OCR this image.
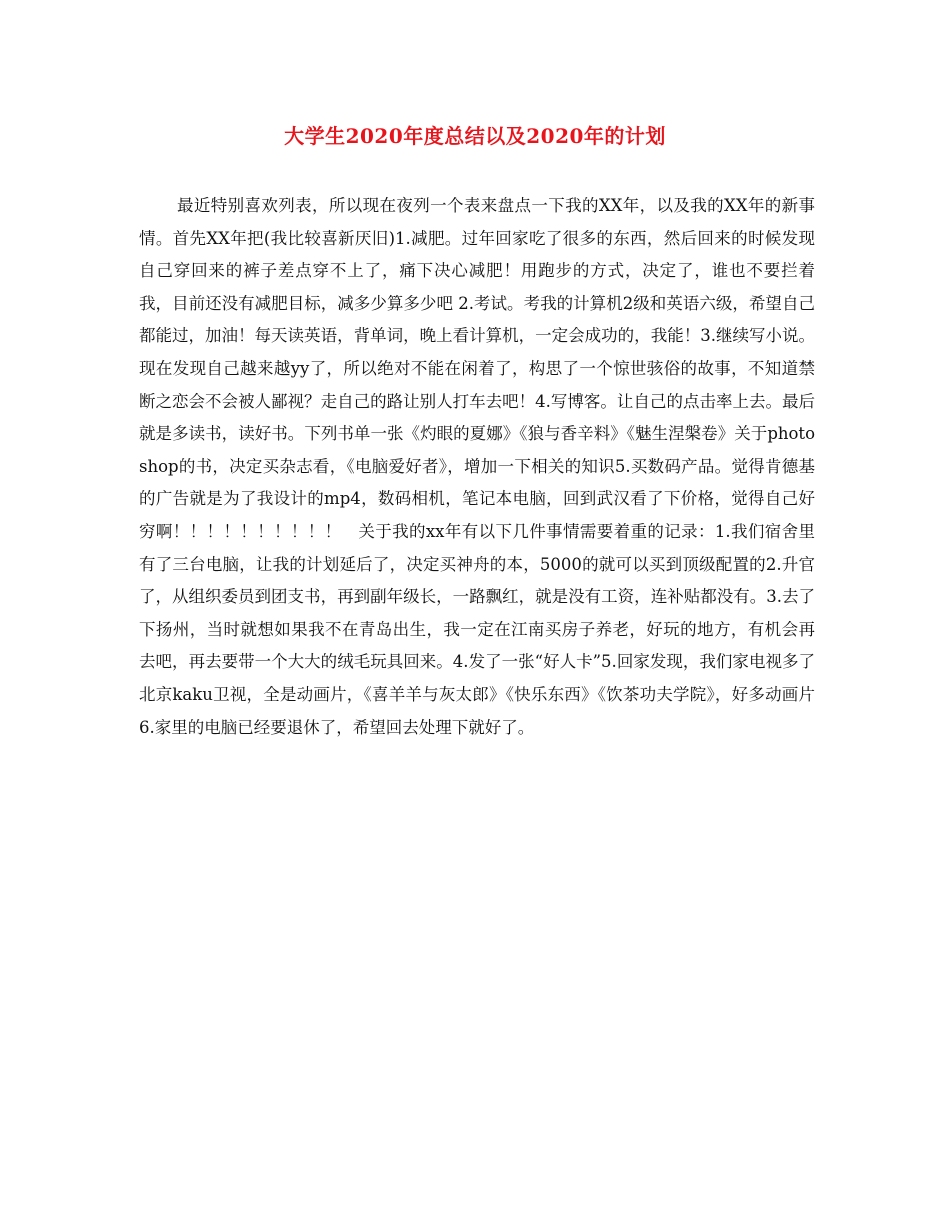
大学生2020年度总结以及2020年的计划

最近特别喜欢列表，所以现在夜列一个表来盘点一下我的XX年，以及我的XX年的新事情。首先XX年把(我比较喜新厌旧)1.减肥。过年回家吃了很多的东西，然后回来的时候发现自己穿回来的裤子差点穿不上了，痛下决心减肥！用跑步的方式，决定了，谁也不要拦着我，目前还没有减肥目标，减多少算多少吧 2.考试。考我的计算机2级和英语六级，希望自己都能过，加油！每天读英语，背单词，晚上看计算机，一定会成功的，我能！3.继续写小说。现在发现自己越来越yy了，所以绝对不能在闲着了，构思了一个惊世骇俗的故事，不知道禁断之恋会不会被人鄙视？走自己的路让别人打车去吧！4.写博客。让自己的点击率上去。最后就是多读书，读好书。下列书单一张《灼眼的夏娜》《狼与香辛料》《魅生涅槃卷》关于photoshop的书，决定买杂志看，《电脑爱好者》，增加一下相关的知识5.买数码产品。觉得肯德基的广告就是为了我设计的mp4，数码相机，笔记本电脑，回到武汉看了下价格，觉得自己好穷啊！！！！！！！！！！　关于我的xx年有以下几件事情需要着重的记录：1.我们宿舍里有了三台电脑，让我的计划延后了，决定买神舟的本，5000的就可以买到顶级配置的2.升官了，从组织委员到团支书，再到副年级长，一路飘红，就是没有工资，连补贴都没有。3.去了下扬州，当时就想如果我不在青岛出生，我一定在江南买房子养老，好玩的地方，有机会再去吧，再去要带一个大大的绒毛玩具回来。4.发了一张“好人卡”5.回家发现，我们家电视多了北京kaku卫视，全是动画片，《喜羊羊与灰太郎》《快乐东西》《饮茶功夫学院》，好多动画片6.家里的电脑已经要退休了，希望回去处理下就好了。
